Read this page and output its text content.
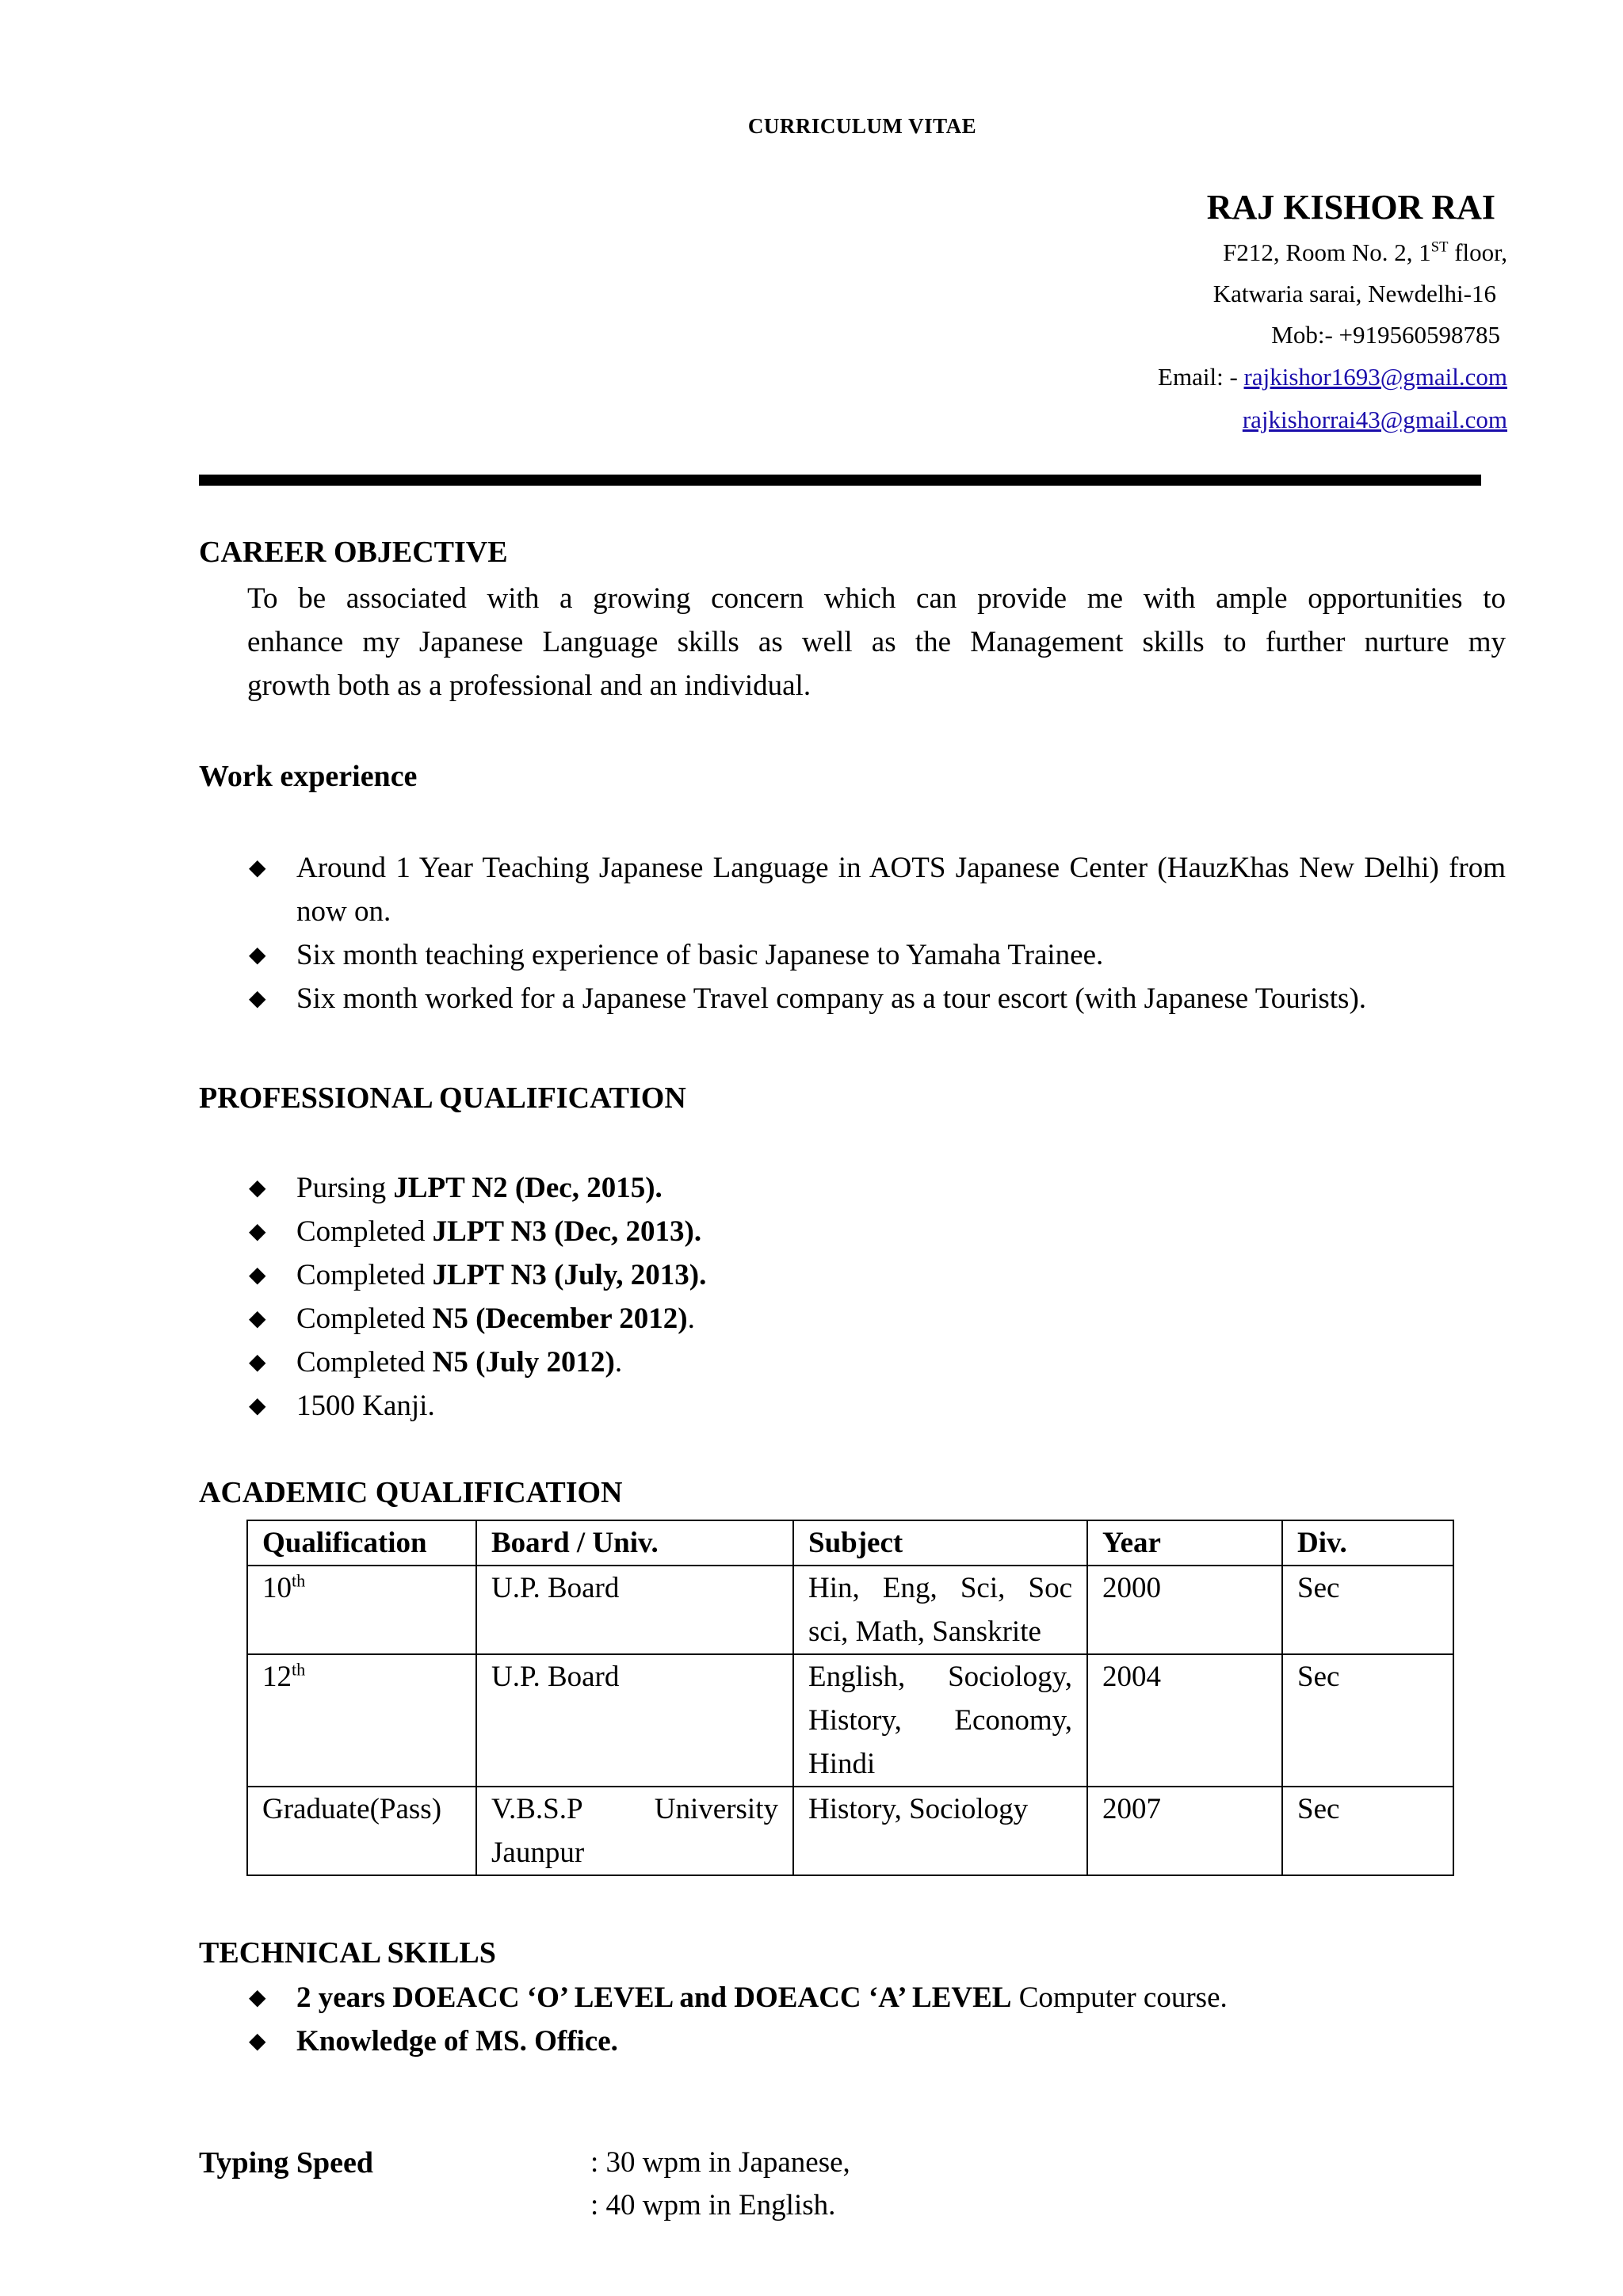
CURRICULUM VITAE
RAJ KISHOR RAI
F212, Room No. 2, 1ST floor,
Katwaria sarai, Newdelhi-16
Mob:- +919560598785
Email: - rajkishor1693@gmail.com
rajkishorrai43@gmail.com
CAREER OBJECTIVE
To be associated with a growing concern which can provide me with ample opportunities to
enhance my Japanese Language skills as well as the Management skills to further nurture my
growth both as a professional and an individual.
Work experience
◆ Around 1 Year Teaching Japanese Language in AOTS Japanese Center (HauzKhas New Delhi) from now on.
◆ Six month teaching experience of basic Japanese to Yamaha Trainee.
◆ Six month worked for a Japanese Travel company as a tour escort (with Japanese Tourists).
PROFESSIONAL QUALIFICATION
◆ Pursing JLPT N2 (Dec, 2015).
◆ Completed JLPT N3 (Dec, 2013).
◆ Completed JLPT N3 (July, 2013).
◆ Completed N5 (December 2012).
◆ Completed N5 (July 2012).
◆ 1500 Kanji.
ACADEMIC QUALIFICATION
Qualification	Board / Univ.	Subject	Year	Div.
10th	U.P. Board	Hin, Eng, Sci, Soc
sci, Math, Sanskrite	2000	Sec
12th	U.P. Board	English, Sociology,
History, Economy,
Hindi	2004	Sec
Graduate(Pass)	V.B.S.P University
Jaunpur	History, Sociology	2007	Sec
TECHNICAL SKILLS
◆ 2 years DOEACC ‘O’ LEVEL and DOEACC ‘A’ LEVEL Computer course.
◆ Knowledge of MS. Office.
Typing Speed	: 30 wpm in Japanese,
: 40 wpm in English.
